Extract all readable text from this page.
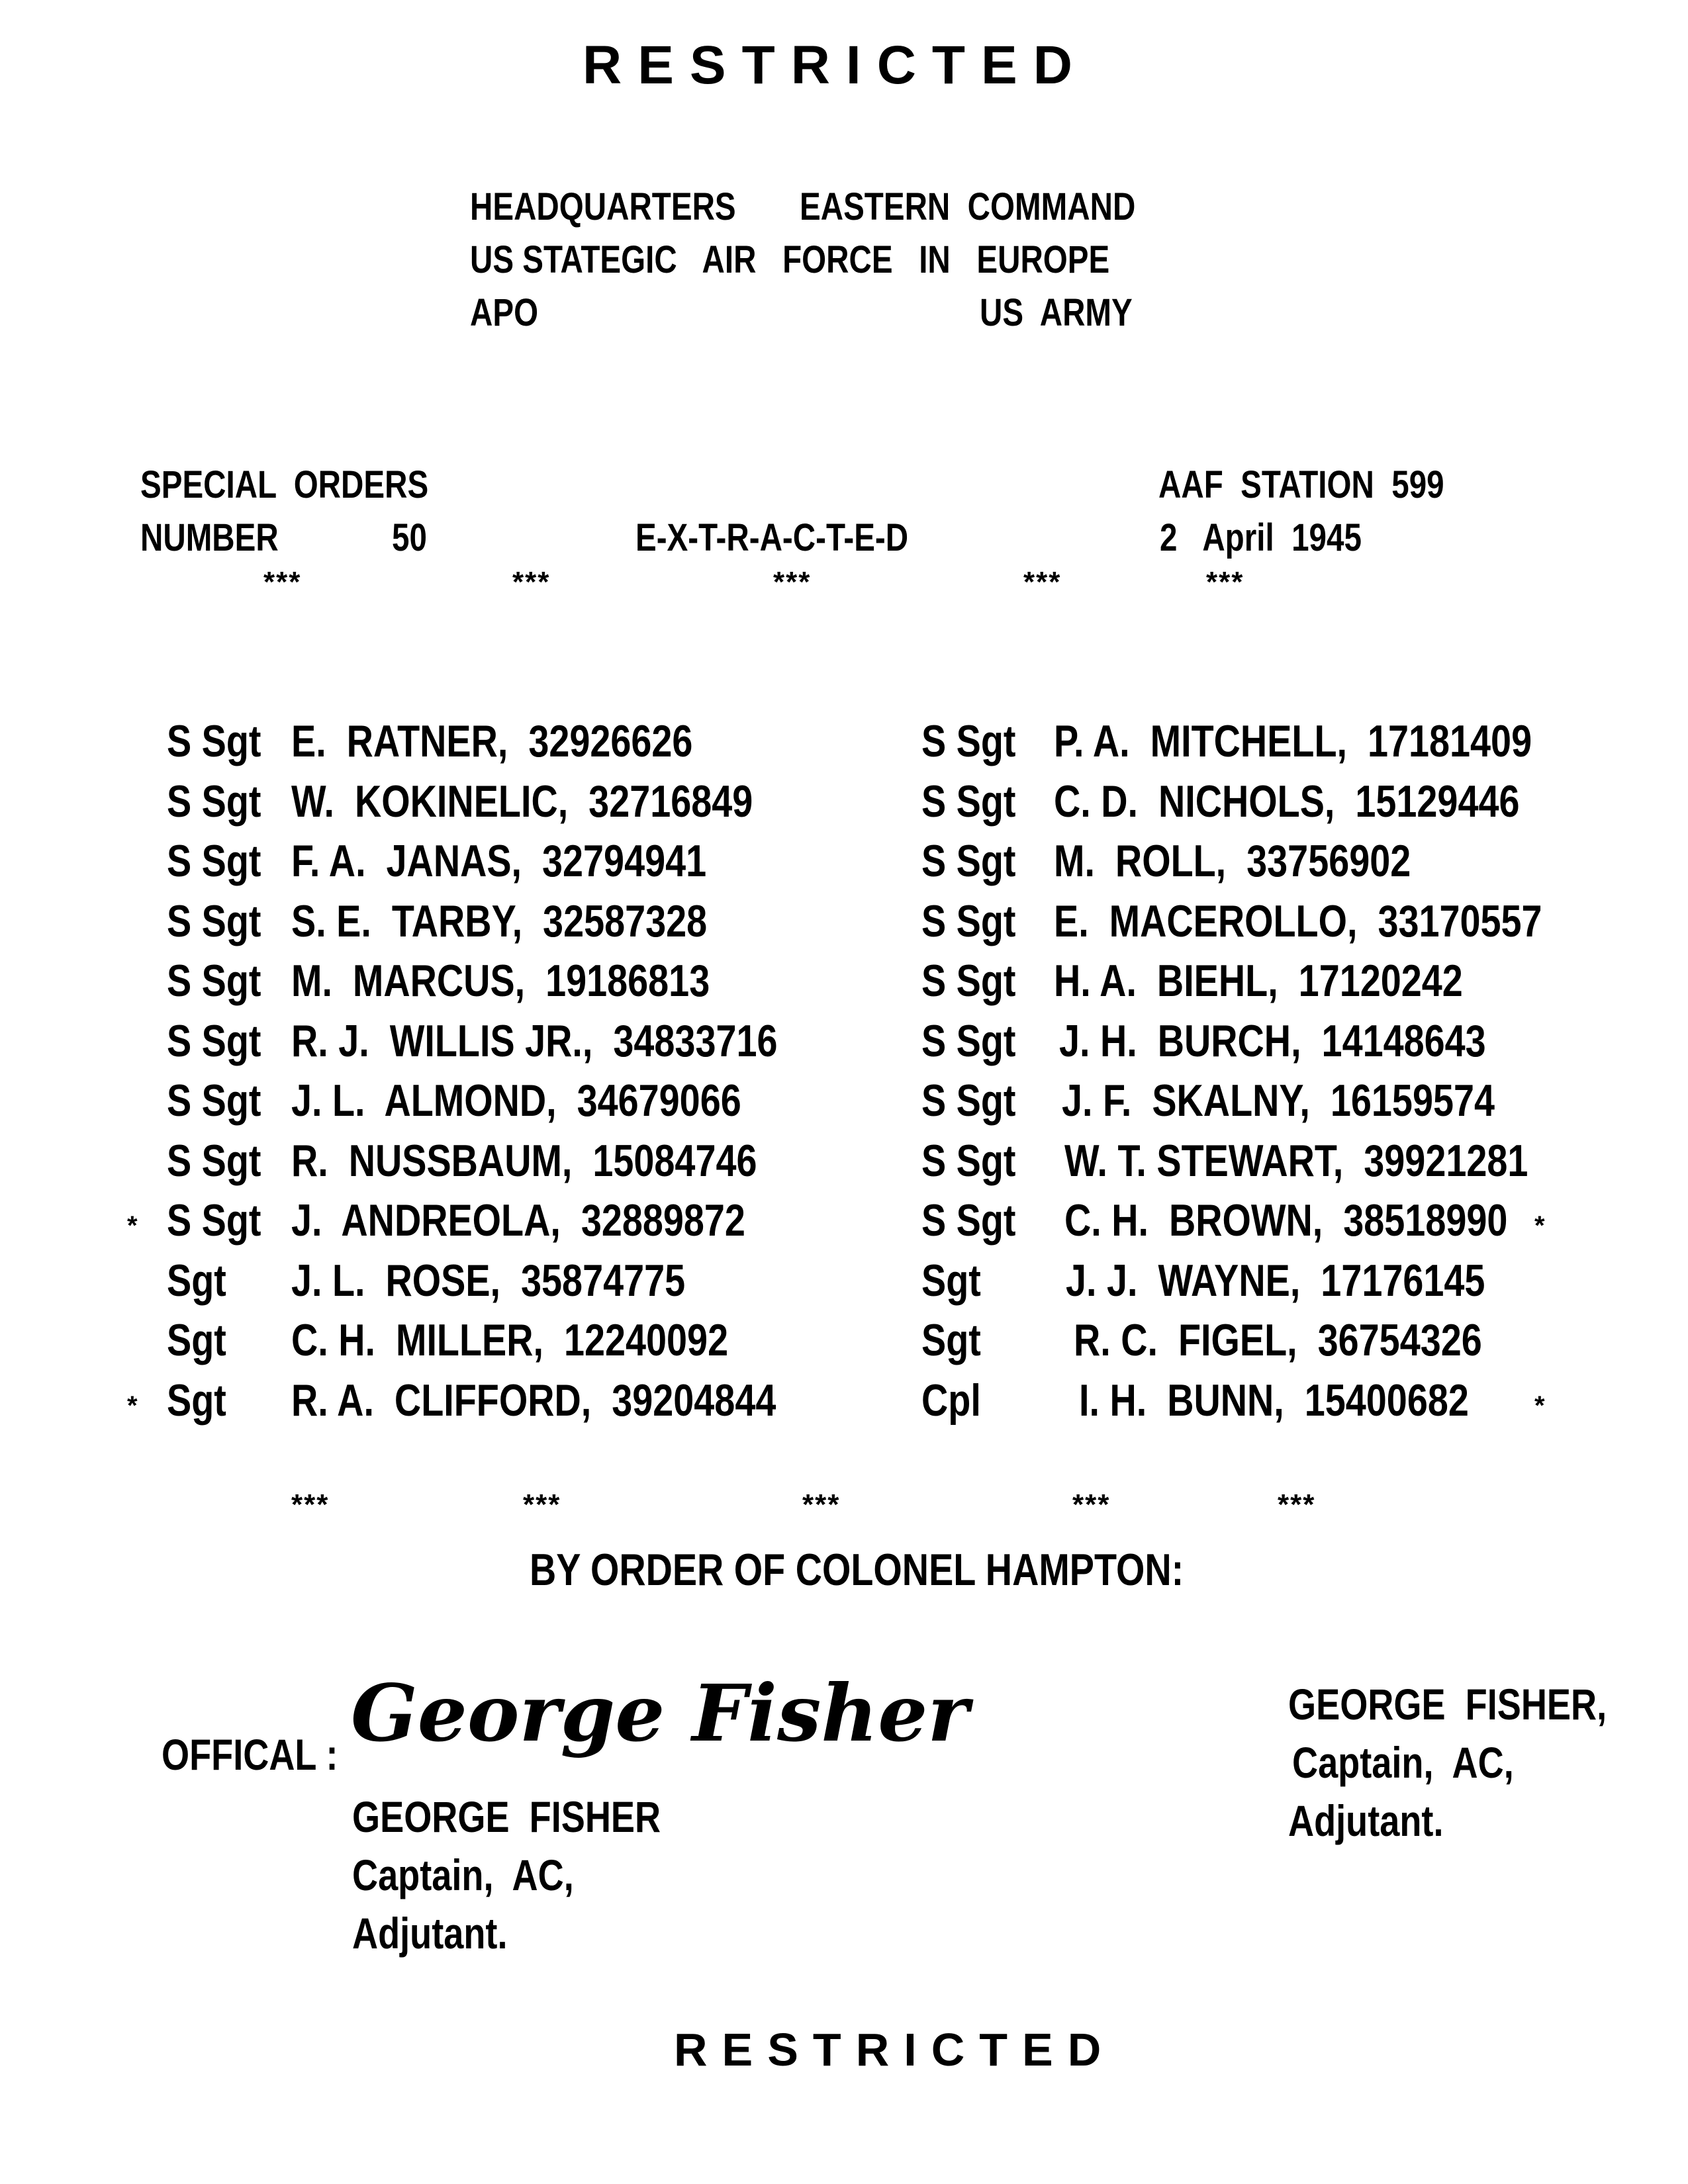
RESTRICTED
HEADQUARTERS EASTERN  COMMAND
US STATEGIC   AIR   FORCE   IN   EUROPE
APO	US  ARMY
SPECIAL  ORDERS
NUMBER	50	E-X-T-R-A-C-T-E-D
AAF  STATION  599
2   April  1945
***	***	***	***	***
S Sgt E.  RATNER,  32926626
S Sgt W.  KOKINELIC,  32716849
S Sgt F. A.  JANAS,  32794941
S Sgt S. E.  TARBY,  32587328
S Sgt M.  MARCUS,  19186813
S Sgt R. J.  WILLIS JR.,  34833716
S Sgt J. L.  ALMOND,  34679066
S Sgt R.  NUSSBAUM,  15084746
S Sgt J.  ANDREOLA,  32889872
*
Sgt J. L.  ROSE,  35874775
Sgt C. H.  MILLER,  12240092
Sgt R. A.  CLIFFORD,  39204844
*
S Sgt P. A.  MITCHELL,  17181409
S Sgt C. D.  NICHOLS,  15129446
S Sgt M.  ROLL,  33756902
S Sgt E.  MACEROLLO,  33170557
S Sgt H. A.  BIEHL,  17120242
S Sgt J. H.  BURCH,  14148643
S Sgt J. F.  SKALNY,  16159574
S Sgt W. T. STEWART,  39921281
S Sgt C. H.  BROWN,  38518990 *
Sgt J. J.  WAYNE,  17176145
Sgt R. C.  FIGEL,  36754326
Cpl I. H.  BUNN,  15400682 *
***	***	***	***	***
BY ORDER OF COLONEL HAMPTON:
OFFICAL : George Fisher
GEORGE  FISHER
Captain,  AC,
Adjutant.
GEORGE  FISHER,
Captain,  AC,
Adjutant.
RESTRICTED
